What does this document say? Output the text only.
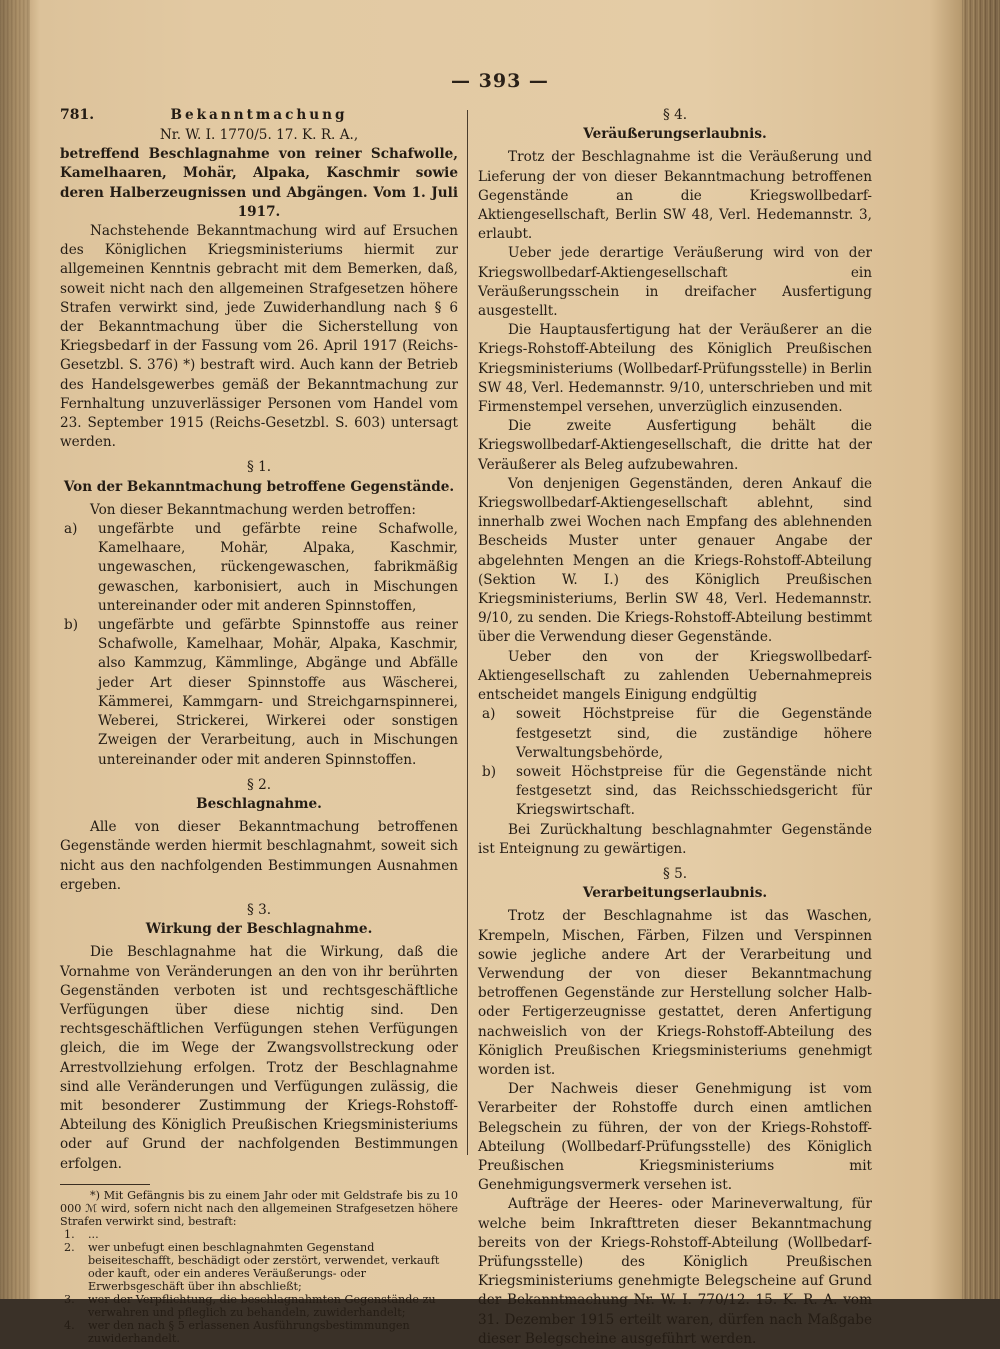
— 393 —
781.	Bekanntmachung
Nr. W. I. 1770/5. 17. K. R. A.,

betreffend Beschlagnahme von reiner Schafwolle, Kamelhaaren, Mohär, Alpaka, Kaschmir sowie deren Halberzeugnissen und Abgängen. Vom 1. Juli 1917.

Nachstehende Bekanntmachung wird auf Ersuchen des Königlichen Kriegsministeriums hiermit zur allgemeinen Kenntnis gebracht mit dem Bemerken, daß, soweit nicht nach den allgemeinen Strafgesetzen höhere Strafen verwirkt sind, jede Zuwiderhandlung nach § 6 der Bekanntmachung über die Sicherstellung von Kriegsbedarf in der Fassung vom 26. April 1917 (Reichs-Gesetzbl. S. 376) *) bestraft wird. Auch kann der Betrieb des Handelsgewerbes gemäß der Bekanntmachung zur Fernhaltung unzuverlässiger Personen vom Handel vom 23. September 1915 (Reichs-Gesetzbl. S. 603) untersagt werden.

§ 1.
Von der Bekanntmachung betroffene Gegenstände.

Von dieser Bekanntmachung werden betroffen:

a)	ungefärbte und gefärbte reine Schafwolle, Kamelhaare, Mohär, Alpaka, Kaschmir, ungewaschen, rückengewaschen, fabrikmäßig gewaschen, karbonisiert, auch in Mischungen untereinander oder mit anderen Spinnstoffen,
b)	ungefärbte und gefärbte Spinnstoffe aus reiner Schafwolle, Kamelhaar, Mohär, Alpaka, Kaschmir, also Kammzug, Kämmlinge, Abgänge und Abfälle jeder Art dieser Spinnstoffe aus Wäscherei, Kämmerei, Kammgarn- und Streichgarnspinnerei, Weberei, Strickerei, Wirkerei oder sonstigen Zweigen der Verarbeitung, auch in Mischungen untereinander oder mit anderen Spinnstoffen.
§ 2.
Beschlagnahme.

Alle von dieser Bekanntmachung betroffenen Gegenstände werden hiermit beschlagnahmt, soweit sich nicht aus den nachfolgenden Bestimmungen Ausnahmen ergeben.

§ 3.
Wirkung der Beschlagnahme.

Die Beschlagnahme hat die Wirkung, daß die Vornahme von Veränderungen an den von ihr berührten Gegenständen verboten ist und rechtsgeschäftliche Verfügungen über diese nichtig sind. Den rechtsgeschäftlichen Verfügungen stehen Verfügungen gleich, die im Wege der Zwangsvollstreckung oder Arrestvollziehung erfolgen. Trotz der Beschlagnahme sind alle Veränderungen und Verfügungen zulässig, die mit besonderer Zustimmung der Kriegs-Rohstoff-Abteilung des Königlich Preußischen Kriegsministeriums oder auf Grund der nachfolgenden Bestimmungen erfolgen.

*) Mit Gefängnis bis zu einem Jahr oder mit Geldstrafe bis zu 10 000 ℳ wird, sofern nicht nach den allgemeinen Strafgesetzen höhere Strafen verwirkt sind, bestraft:

1.	...
2.	wer unbefugt einen beschlagnahmten Gegenstand beiseiteschafft, beschädigt oder zerstört, verwendet, verkauft oder kauft, oder ein anderes Veräußerungs- oder Erwerbsgeschäft über ihn abschließt;
3.	wer der Verpflichtung, die beschlagnahmten Gegenstände zu verwahren und pfleglich zu behandeln, zuwiderhandelt;
4.	wer den nach § 5 erlassenen Ausführungsbestimmungen zuwiderhandelt.
§ 4.
Veräußerungserlaubnis.

Trotz der Beschlagnahme ist die Veräußerung und Lieferung der von dieser Bekanntmachung betroffenen Gegenstände an die Kriegswollbedarf-Aktiengesellschaft, Berlin SW 48, Verl. Hedemannstr. 3, erlaubt.

Ueber jede derartige Veräußerung wird von der Kriegswollbedarf-Aktiengesellschaft ein Veräußerungsschein in dreifacher Ausfertigung ausgestellt.

Die Hauptausfertigung hat der Veräußerer an die Kriegs-Rohstoff-Abteilung des Königlich Preußischen Kriegsministeriums (Wollbedarf-Prüfungsstelle) in Berlin SW 48, Verl. Hedemannstr. 9/10, unterschrieben und mit Firmenstempel versehen, unverzüglich einzusenden.

Die zweite Ausfertigung behält die Kriegswollbedarf-Aktiengesellschaft, die dritte hat der Veräußerer als Beleg aufzubewahren.

Von denjenigen Gegenständen, deren Ankauf die Kriegswollbedarf-Aktiengesellschaft ablehnt, sind innerhalb zwei Wochen nach Empfang des ablehnenden Bescheids Muster unter genauer Angabe der abgelehnten Mengen an die Kriegs-Rohstoff-Abteilung (Sektion W. I.) des Königlich Preußischen Kriegsministeriums, Berlin SW 48, Verl. Hedemannstr. 9/10, zu senden. Die Kriegs-Rohstoff-Abteilung bestimmt über die Verwendung dieser Gegenstände.

Ueber den von der Kriegswollbedarf-Aktiengesellschaft zu zahlenden Uebernahmepreis entscheidet mangels Einigung endgültig

a)	soweit Höchstpreise für die Gegenstände festgesetzt sind, die zuständige höhere Verwaltungsbehörde,
b)	soweit Höchstpreise für die Gegenstände nicht festgesetzt sind, das Reichsschiedsgericht für Kriegswirtschaft.

Bei Zurückhaltung beschlagnahmter Gegenstände ist Enteignung zu gewärtigen.

§ 5.
Verarbeitungserlaubnis.

Trotz der Beschlagnahme ist das Waschen, Krempeln, Mischen, Färben, Filzen und Verspinnen sowie jegliche andere Art der Verarbeitung und Verwendung der von dieser Bekanntmachung betroffenen Gegenstände zur Herstellung solcher Halb- oder Fertigerzeugnisse gestattet, deren Anfertigung nachweislich von der Kriegs-Rohstoff-Abteilung des Königlich Preußischen Kriegsministeriums genehmigt worden ist.

Der Nachweis dieser Genehmigung ist vom Verarbeiter der Rohstoffe durch einen amtlichen Belegschein zu führen, der von der Kriegs-Rohstoff-Abteilung (Wollbedarf-Prüfungsstelle) des Königlich Preußischen Kriegsministeriums mit Genehmigungsvermerk versehen ist.

Aufträge der Heeres- oder Marineverwaltung, für welche beim Inkrafttreten dieser Bekanntmachung bereits von der Kriegs-Rohstoff-Abteilung (Wollbedarf-Prüfungsstelle) des Königlich Preußischen Kriegsministeriums genehmigte Belegscheine auf Grund der Bekanntmachung Nr. W. I. 770/12. 15. K. R. A. vom 31. Dezember 1915 erteilt waren, dürfen nach Maßgabe dieser Belegscheine ausgeführt werden.
